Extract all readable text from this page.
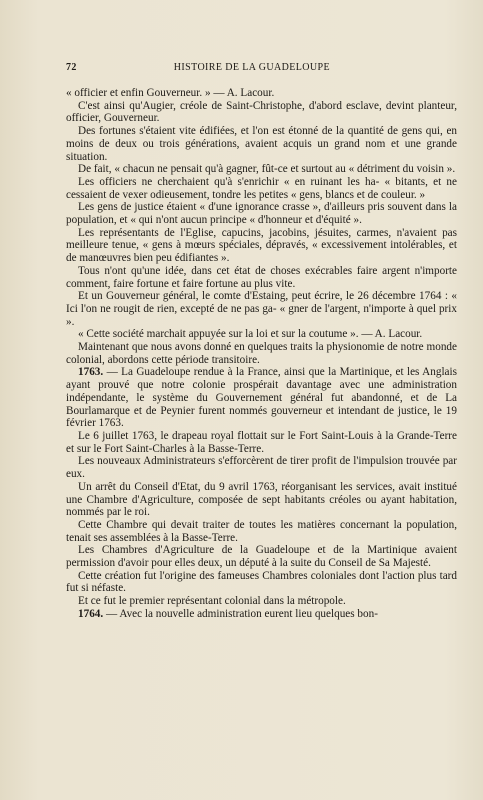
72	HISTOIRE DE LA GUADELOUPE

« officier et enfin Gouverneur. » — A. Lacour.

C'est ainsi qu'Augier, créole de Saint-Christophe, d'abord esclave, devint planteur, officier, Gouverneur.

Des fortunes s'étaient vite édifiées, et l'on est étonné de la quantité de gens qui, en moins de deux ou trois générations, avaient acquis un grand nom et une grande situation.

De fait, « chacun ne pensait qu'à gagner, fût-ce et surtout au « détriment du voisin ».

Les officiers ne cherchaient qu'à s'enrichir « en ruinant les ha- « bitants, et ne cessaient de vexer odieusement, tondre les petites « gens, blancs et de couleur. »

Les gens de justice étaient « d'une ignorance crasse », d'ailleurs pris souvent dans la population, et « qui n'ont aucun principe « d'honneur et d'équité ».

Les représentants de l'Eglise, capucins, jacobins, jésuites, carmes, n'avaient pas meilleure tenue, « gens à mœurs spéciales, dépravés, « excessivement intolérables, et de manœuvres bien peu édifiantes ».

Tous n'ont qu'une idée, dans cet état de choses exécrables faire argent n'importe comment, faire fortune et faire fortune au plus vite.

Et un Gouverneur général, le comte d'Estaing, peut écrire, le 26 décembre 1764 : « Ici l'on ne rougit de rien, excepté de ne pas ga- « gner de l'argent, n'importe à quel prix ».

« Cette société marchait appuyée sur la loi et sur la coutume ». — A. Lacour.

Maintenant que nous avons donné en quelques traits la physionomie de notre monde colonial, abordons cette période transitoire.

1763. — La Guadeloupe rendue à la France, ainsi que la Martinique, et les Anglais ayant prouvé que notre colonie prospérait davantage avec une administration indépendante, le système du Gouvernement général fut abandonné, et de La Bourlamarque et de Peynier furent nommés gouverneur et intendant de justice, le 19 février 1763.

Le 6 juillet 1763, le drapeau royal flottait sur le Fort Saint-Louis à la Grande-Terre et sur le Fort Saint-Charles à la Basse-Terre.

Les nouveaux Administrateurs s'efforcèrent de tirer profit de l'impulsion trouvée par eux.

Un arrêt du Conseil d'Etat, du 9 avril 1763, réorganisant les services, avait institué une Chambre d'Agriculture, composée de sept habitants créoles ou ayant habitation, nommés par le roi.

Cette Chambre qui devait traiter de toutes les matières concernant la population, tenait ses assemblées à la Basse-Terre.

Les Chambres d'Agriculture de la Guadeloupe et de la Martinique avaient permission d'avoir pour elles deux, un député à la suite du Conseil de Sa Majesté.

Cette création fut l'origine des fameuses Chambres coloniales dont l'action plus tard fut si néfaste.

Et ce fut le premier représentant colonial dans la métropole.

1764. — Avec la nouvelle administration eurent lieu quelques bon-
